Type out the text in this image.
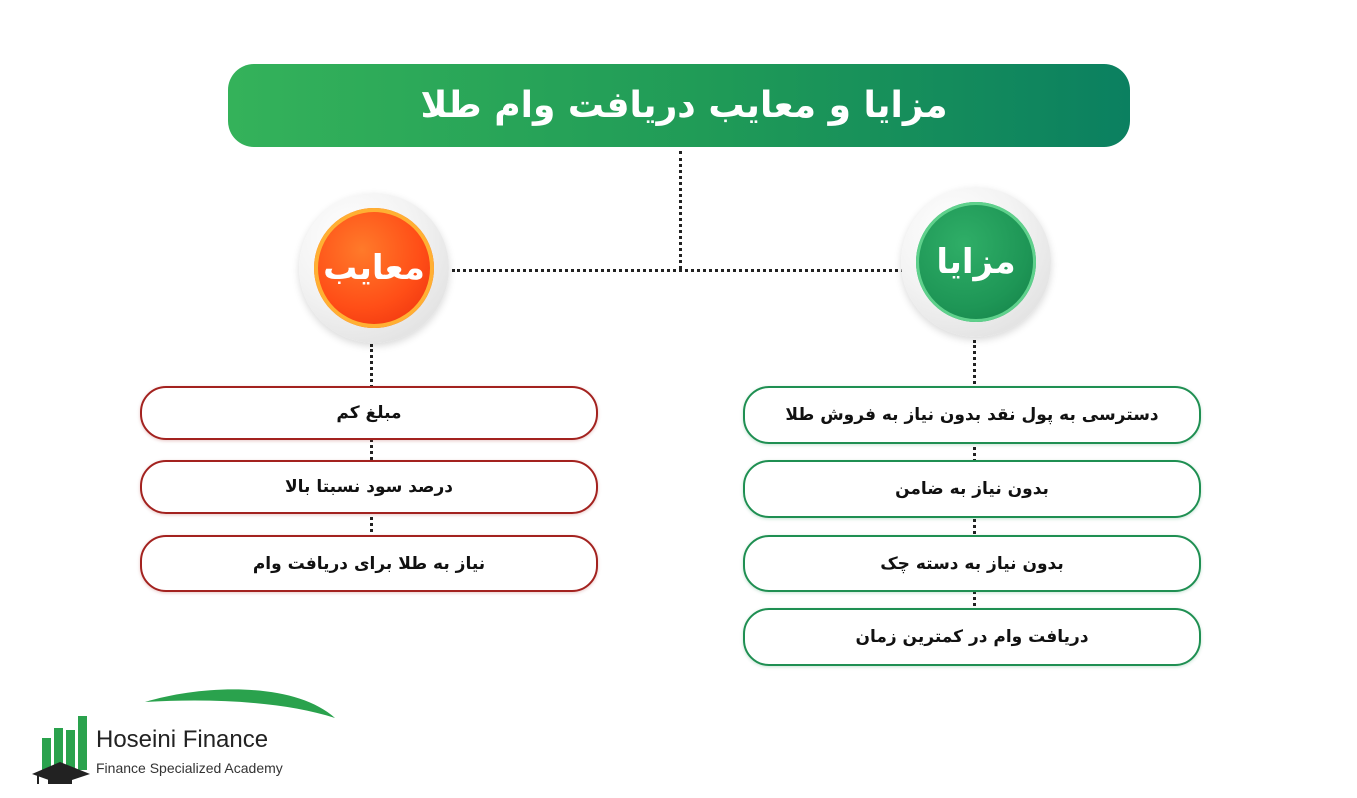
مزایا و معایب دریافت وام طلا
معایب	مزایا
مبلغ کم
درصد سود نسبتا بالا
نیاز به طلا برای دریافت وام
دسترسی به پول نقد بدون نیاز به فروش طلا
بدون نیاز به ضامن
بدون نیاز به دسته چک
دریافت وام در کمترین زمان
Hoseini Finance
Finance Specialized Academy
